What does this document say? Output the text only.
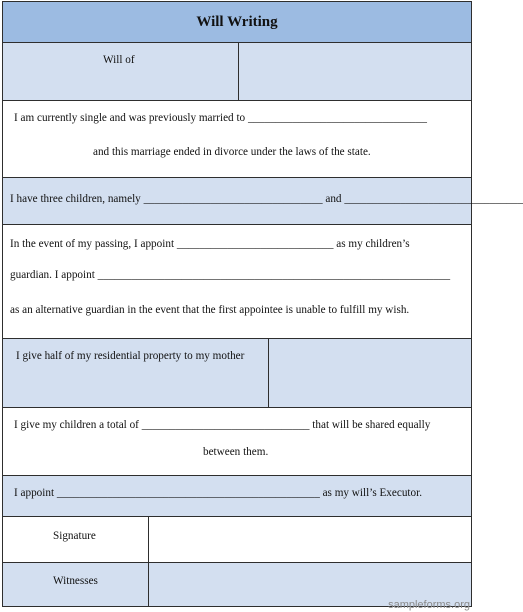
Will Writing
Will of
I am currently single and was previously married to ________________________________
and this marriage ended in divorce under the laws of the state.
I have three children, namely ________________________________ and ________________________________
In the event of my passing, I appoint ____________________________ as my children’s
guardian. I appoint _______________________________________________________________
as an alternative guardian in the event that the first appointee is unable to fulfill my wish.
I give half of my residential property to my mother
I give my children a total of ______________________________ that will be shared equally
between them.
I appoint _______________________________________________ as my will’s Executor.
Signature
Witnesses
sampleforms.org
